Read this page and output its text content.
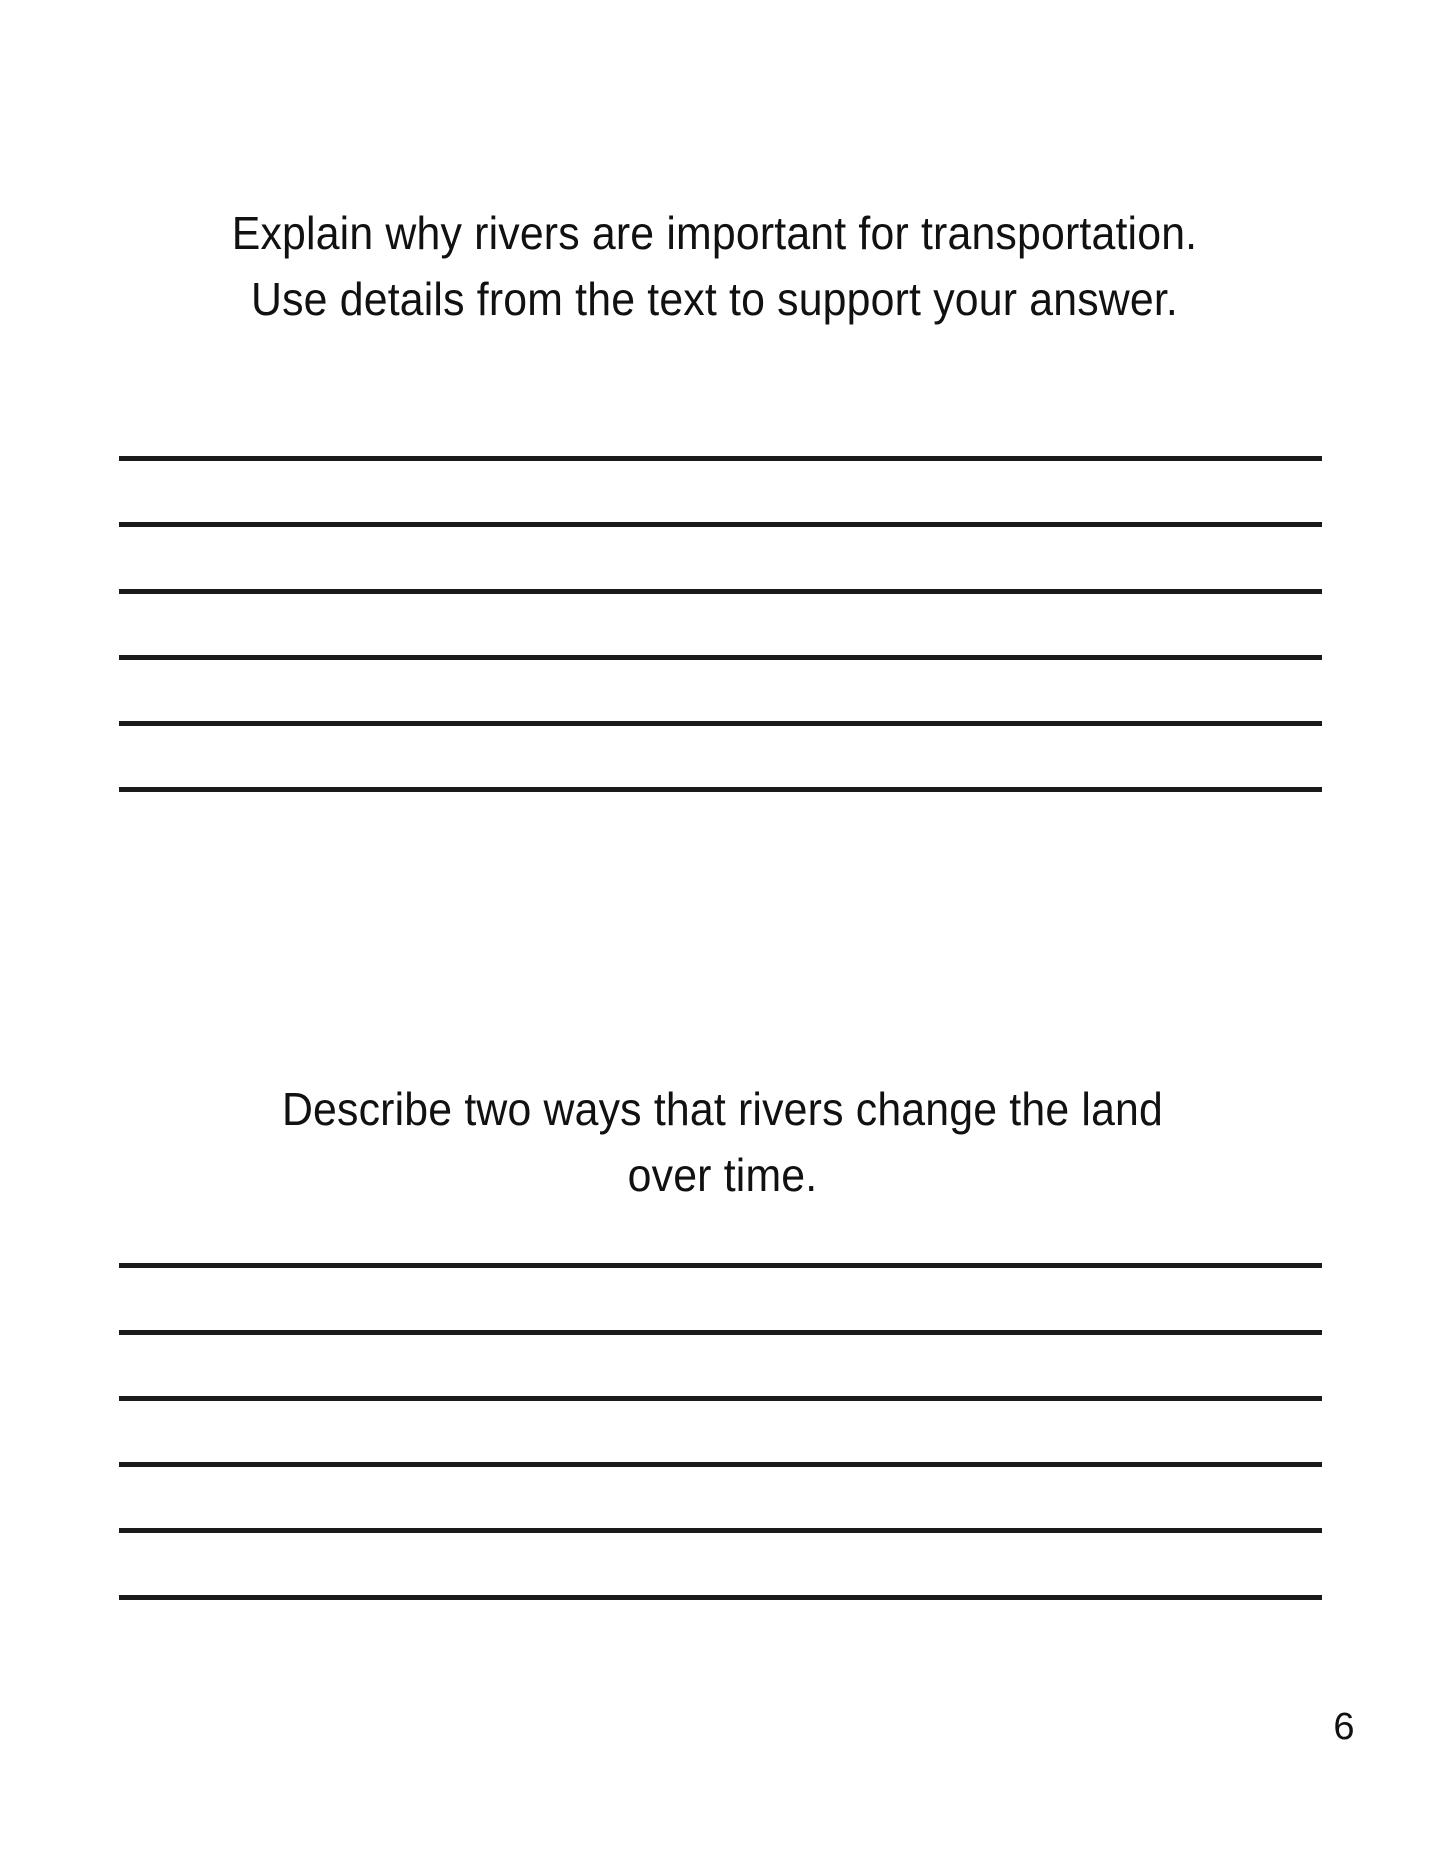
Explain why rivers are important for transportation.
Use details from the text to support your answer.
Describe two ways that rivers change the land
over time.
6
